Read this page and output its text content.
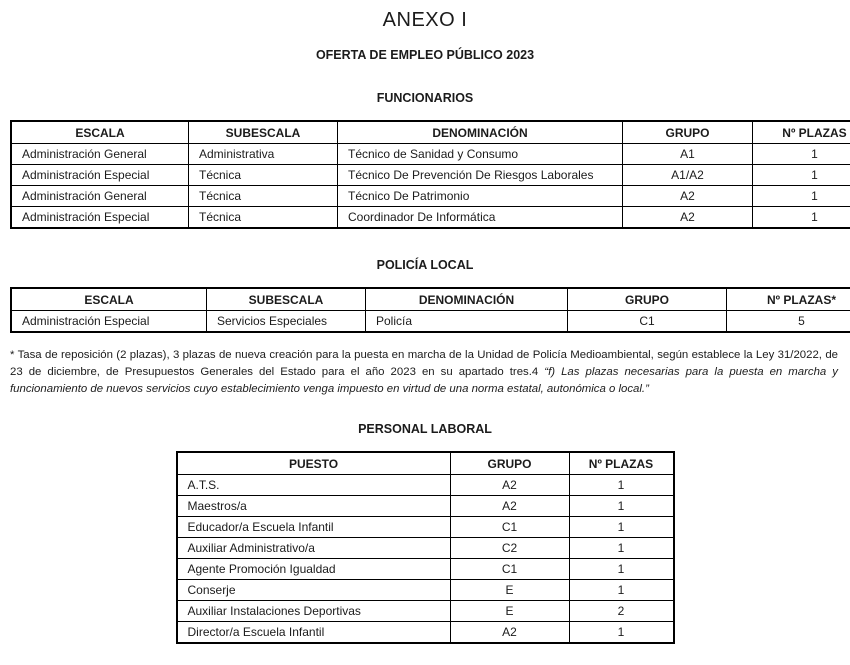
ANEXO I
OFERTA DE EMPLEO PÚBLICO 2023
FUNCIONARIOS
ESCALA	SUBESCALA	DENOMINACIÓN	GRUPO	Nº PLAZAS
Administración General	Administrativa	Técnico de Sanidad y Consumo	A1	1
Administración Especial	Técnica	Técnico De Prevención De Riesgos Laborales	A1/A2	1
Administración General	Técnica	Técnico De Patrimonio	A2	1
Administración Especial	Técnica	Coordinador De Informática	A2	1
POLICÍA LOCAL
ESCALA	SUBESCALA	DENOMINACIÓN	GRUPO	Nº PLAZAS*
Administración Especial	Servicios Especiales	Policía	C1	5

* Tasa de reposición (2 plazas), 3 plazas de nueva creación para la puesta en marcha de la Unidad de Policía Medioambiental, según establece la Ley 31/2022, de 23 de diciembre, de Presupuestos Generales del Estado para el año 2023 en su apartado tres.4 “f) Las plazas necesarias para la puesta en marcha y funcionamiento de nuevos servicios cuyo establecimiento venga impuesto en virtud de una norma estatal, autonómica o local.”

PERSONAL LABORAL
PUESTO	GRUPO	Nº PLAZAS
A.T.S.	A2	1
Maestros/a	A2	1
Educador/a Escuela Infantil	C1	1
Auxiliar Administrativo/a	C2	1
Agente Promoción Igualdad	C1	1
Conserje	E	1
Auxiliar Instalaciones Deportivas	E	2
Director/a Escuela Infantil	A2	1
